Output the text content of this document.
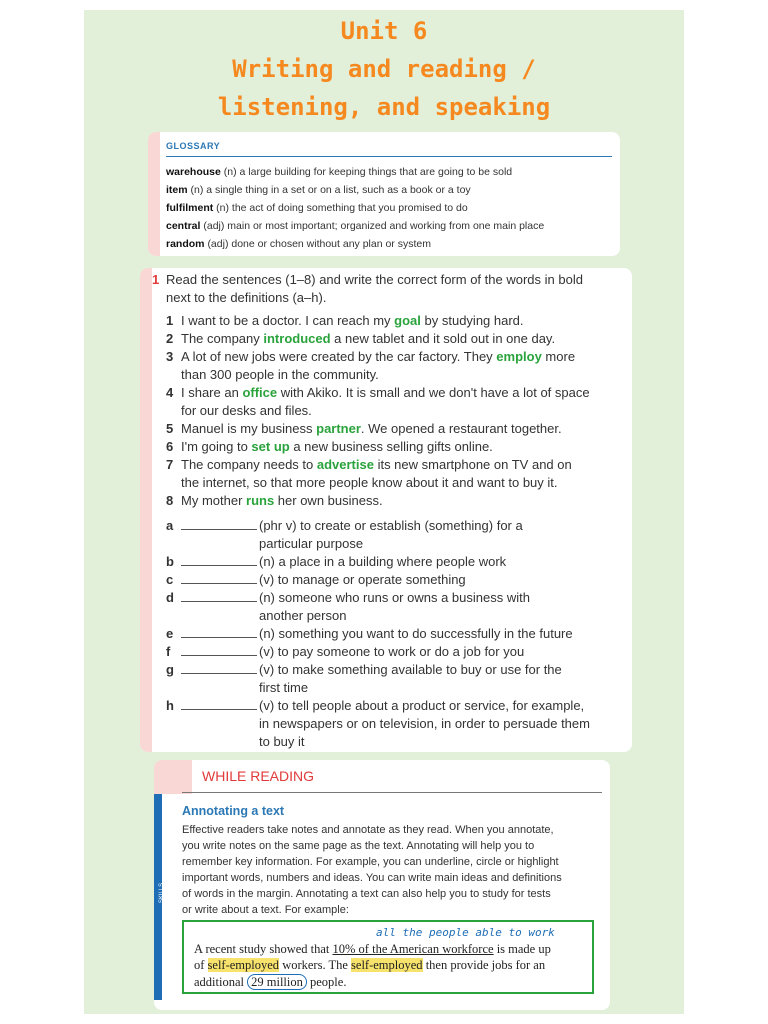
Unit 6
Writing and reading /
listening, and speaking
GLOSSARY
warehouse (n) a large building for keeping things that are going to be sold
item (n) a single thing in a set or on a list, such as a book or a toy
fulfilment (n) the act of doing something that you promised to do
central (adj) main or most important; organized and working from one main place
random (adj) done or chosen without any plan or system
1 Read the sentences (1–8) and write the correct form of the words in bold
next to the definitions (a–h).
1 I want to be a doctor. I can reach my goal by studying hard.
2 The company introduced a new tablet and it sold out in one day.
3 A lot of new jobs were created by the car factory. They employ more
than 300 people in the community.
4 I share an office with Akiko. It is small and we don't have a lot of space
for our desks and files.
5 Manuel is my business partner. We opened a restaurant together.
6 I'm going to set up a new business selling gifts online.
7 The company needs to advertise its new smartphone on TV and on
the internet, so that more people know about it and want to buy it.
8 My mother runs her own business.
a	(phr v) to create or establish (something) for a
particular purpose
b	(n) a place in a building where people work
c	(v) to manage or operate something
d	(n) someone who runs or owns a business with
another person
e	(n) something you want to do successfully in the future
f	(v) to pay someone to work or do a job for you
g	(v) to make something available to buy or use for the
first time
h	(v) to tell people about a product or service, for example,
in newspapers or on television, in order to persuade them
to buy it
WHILE READING
SKILLS
Annotating a text
Effective readers take notes and annotate as they read. When you annotate,
you write notes on the same page as the text. Annotating will help you to
remember key information. For example, you can underline, circle or highlight
important words, numbers and ideas. You can write main ideas and definitions
of words in the margin. Annotating a text can also help you to study for tests
or write about a text. For example:
all the people able to work
A recent study showed that 10% of the American workforce is made up
of self-employed workers. The self-employed then provide jobs for an
additional 29 million people.
